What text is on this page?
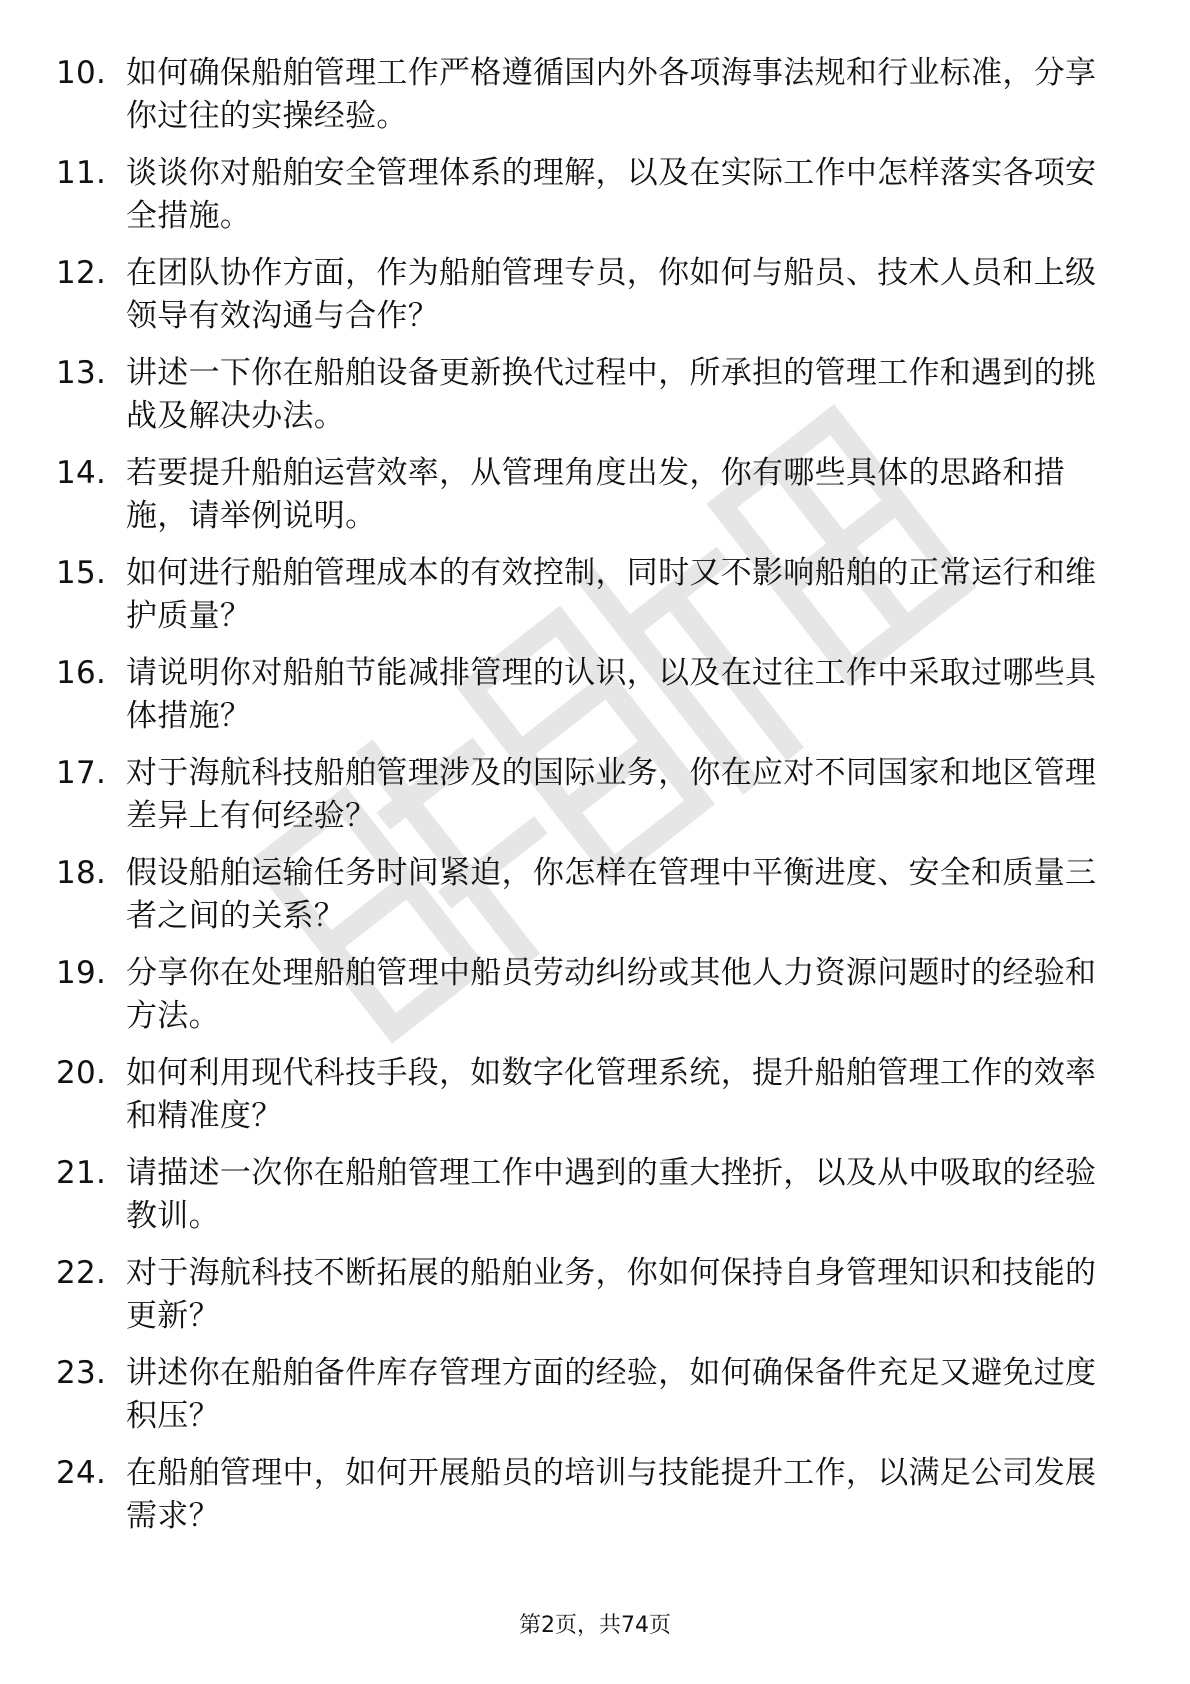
10. 如何确保船舶管理工作严格遵循国内外各项海事法规和行业标准，分享你过往的实操经验。
11. 谈谈你对船舶安全管理体系的理解，以及在实际工作中怎样落实各项安全措施。
12. 在团队协作方面，作为船舶管理专员，你如何与船员、技术人员和上级领导有效沟通与合作？
13. 讲述一下你在船舶设备更新换代过程中，所承担的管理工作和遇到的挑战及解决办法。
14. 若要提升船舶运营效率，从管理角度出发，你有哪些具体的思路和措施，请举例说明。
15. 如何进行船舶管理成本的有效控制，同时又不影响船舶的正常运行和维护质量？
16. 请说明你对船舶节能减排管理的认识，以及在过往工作中采取过哪些具体措施？
17. 对于海航科技船舶管理涉及的国际业务，你在应对不同国家和地区管理差异上有何经验？
18. 假设船舶运输任务时间紧迫，你怎样在管理中平衡进度、安全和质量三者之间的关系？
19. 分享你在处理船舶管理中船员劳动纠纷或其他人力资源问题时的经验和方法。
20. 如何利用现代科技手段，如数字化管理系统，提升船舶管理工作的效率和精准度？
21. 请描述一次你在船舶管理工作中遇到的重大挫折，以及从中吸取的经验教训。
22. 对于海航科技不断拓展的船舶业务，你如何保持自身管理知识和技能的更新？
23. 讲述你在船舶备件库存管理方面的经验，如何确保备件充足又避免过度积压？
24. 在船舶管理中，如何开展船员的培训与技能提升工作，以满足公司发展需求？
第2页，共74页
